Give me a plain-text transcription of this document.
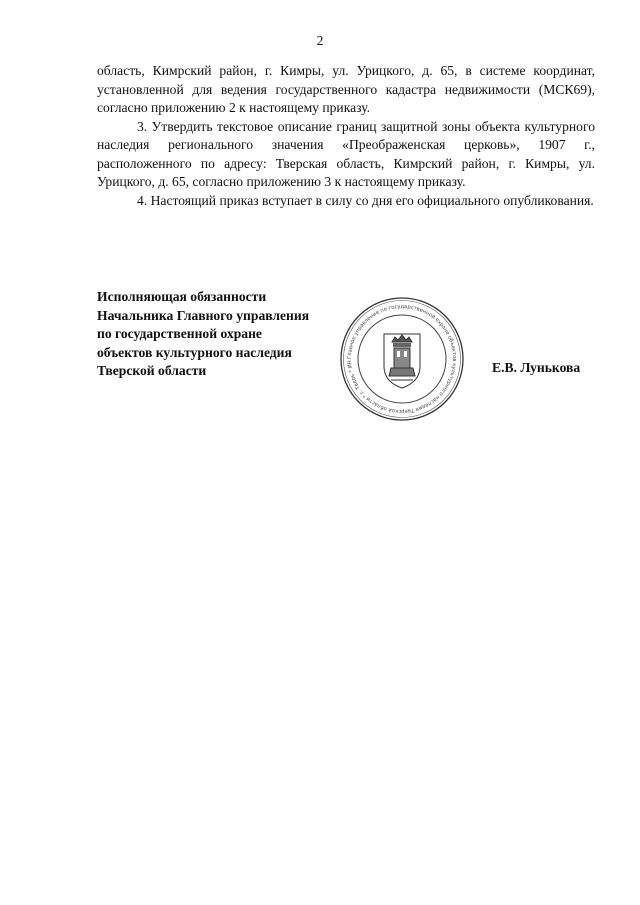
2

область, Кимрский район, г. Кимры, ул. Урицкого, д. 65, в системе координат, установленной для ведения государственного кадастра недвижимости (МСК69), согласно приложению 2 к настоящему приказу.

3. Утвердить текстовое описание границ защитной зоны объекта культурного наследия регионального значения «Преображенская церковь», 1907 г., расположенного по адресу: Тверская область, Кимрский район, г. Кимры, ул. Урицкого, д. 65, согласно приложению 3 к настоящему приказу.

4. Настоящий приказ вступает в силу со дня его официального опубликования.

Исполняющая обязанности
Начальника Главного управления
по государственной охране
объектов культурного наследия
Тверской области
Главное управление по государственной охране объектов культурного наследия Тверской области * г. Тверь * ИН	Е.В. Лунькова
